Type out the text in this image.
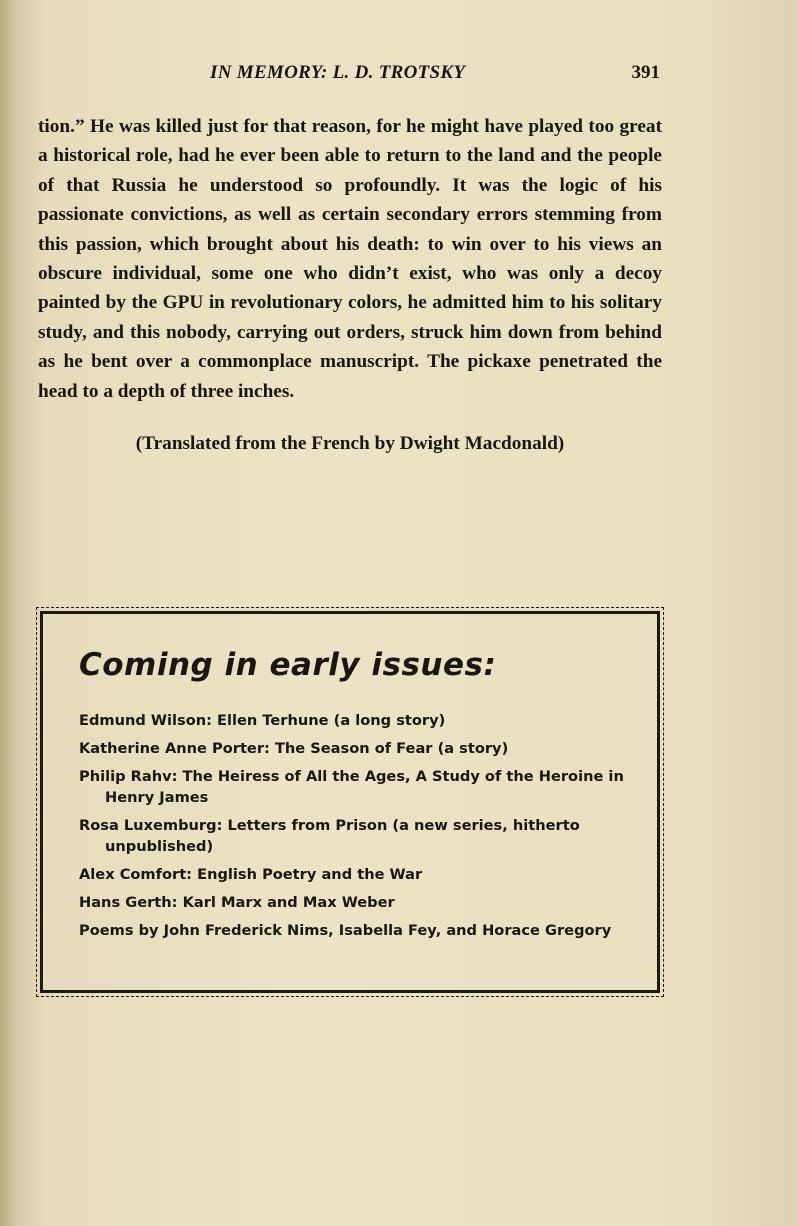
IN MEMORY: L. D. TROTSKY	391

tion.” He was killed just for that reason, for he might have played too great a historical role, had he ever been able to return to the land and the people of that Russia he understood so profoundly. It was the logic of his passionate convictions, as well as certain secondary errors stemming from this passion, which brought about his death: to win over to his views an obscure individual, some one who didn’t exist, who was only a decoy painted by the GPU in revolutionary colors, he admitted him to his solitary study, and this nobody, carrying out orders, struck him down from behind as he bent over a commonplace manuscript. The pickaxe penetrated the head to a depth of three inches.

(Translated from the French by Dwight Macdonald)
Coming in early issues:
Edmund Wilson: Ellen Terhune (a long story)
Katherine Anne Porter: The Season of Fear (a story)
Philip Rahv: The Heiress of All the Ages, A Study of the Heroine in Henry James
Rosa Luxemburg: Letters from Prison (a new series, hitherto unpublished)
Alex Comfort: English Poetry and the War
Hans Gerth: Karl Marx and Max Weber
Poems by John Frederick Nims, Isabella Fey, and Horace Gregory
